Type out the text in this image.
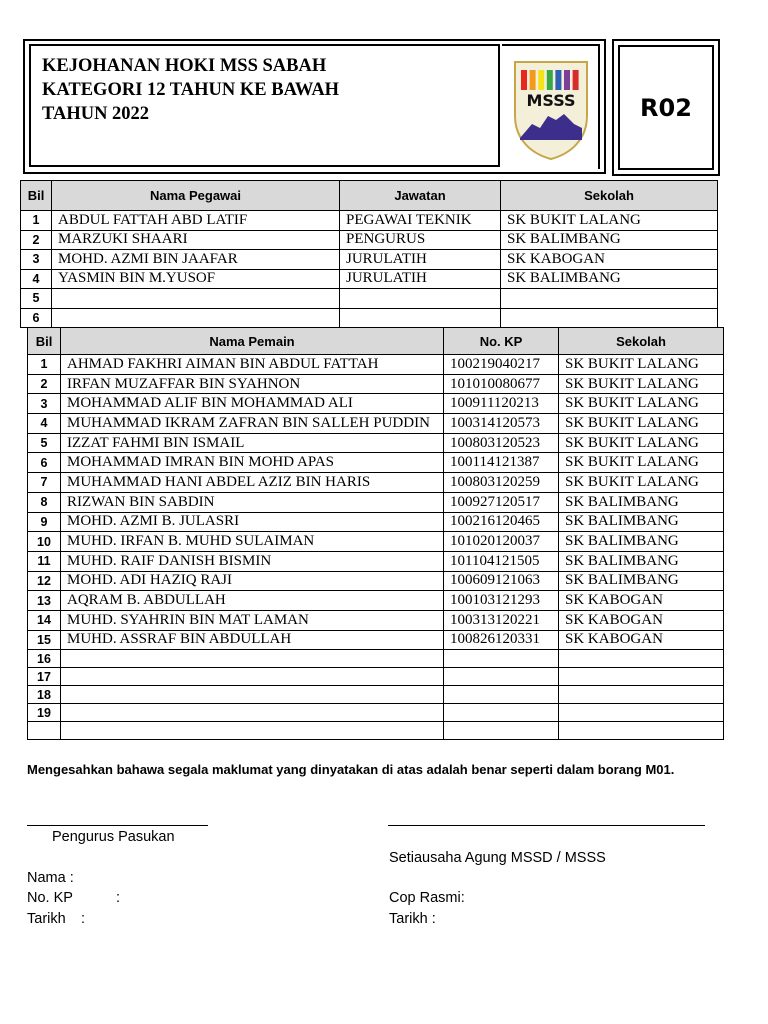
KEJOHANAN HOKI MSS SABAH
KATEGORI 12 TAHUN KE BAWAH
TAHUN 2022
MSSS	R02
Bil	Nama Pegawai	Jawatan	Sekolah
1	ABDUL FATTAH ABD LATIF	PEGAWAI TEKNIK	SK BUKIT LALANG
2	MARZUKI SHAARI	PENGURUS	SK BALIMBANG
3	MOHD. AZMI BIN JAAFAR	JURULATIH	SK KABOGAN
4	YASMIN BIN M.YUSOF	JURULATIH	SK BALIMBANG
5			
6			
Bil	Nama Pemain	No. KP	Sekolah
1	AHMAD FAKHRI AIMAN BIN ABDUL FATTAH	100219040217	SK BUKIT LALANG
2	IRFAN MUZAFFAR BIN SYAHNON	101010080677	SK BUKIT LALANG
3	MOHAMMAD ALIF BIN MOHAMMAD ALI	100911120213	SK BUKIT LALANG
4	MUHAMMAD IKRAM ZAFRAN BIN SALLEH PUDDIN	100314120573	SK BUKIT LALANG
5	IZZAT FAHMI BIN ISMAIL	100803120523	SK BUKIT LALANG
6	MOHAMMAD IMRAN BIN MOHD APAS	100114121387	SK BUKIT LALANG
7	MUHAMMAD HANI ABDEL AZIZ BIN HARIS	100803120259	SK BUKIT LALANG
8	RIZWAN BIN SABDIN	100927120517	SK BALIMBANG
9	MOHD. AZMI B. JULASRI	100216120465	SK BALIMBANG
10	MUHD. IRFAN B. MUHD SULAIMAN	101020120037	SK BALIMBANG
11	MUHD. RAIF DANISH BISMIN	101104121505	SK BALIMBANG
12	MOHD. ADI HAZIQ RAJI	100609121063	SK BALIMBANG
13	AQRAM B. ABDULLAH	100103121293	SK KABOGAN
14	MUHD. SYAHRIN BIN MAT LAMAN	100313120221	SK KABOGAN
15	MUHD. ASSRAF BIN ABDULLAH	100826120331	SK KABOGAN
16			
17			
18			
19			

Mengesahkan bahawa segala maklumat yang dinyatakan di atas adalah benar seperti dalam borang M01.
Pengurus Pasukan
Nama :
No. KP	:
Tarikh :
Setiausaha Agung MSSD / MSSS
Cop Rasmi:
Tarikh :
